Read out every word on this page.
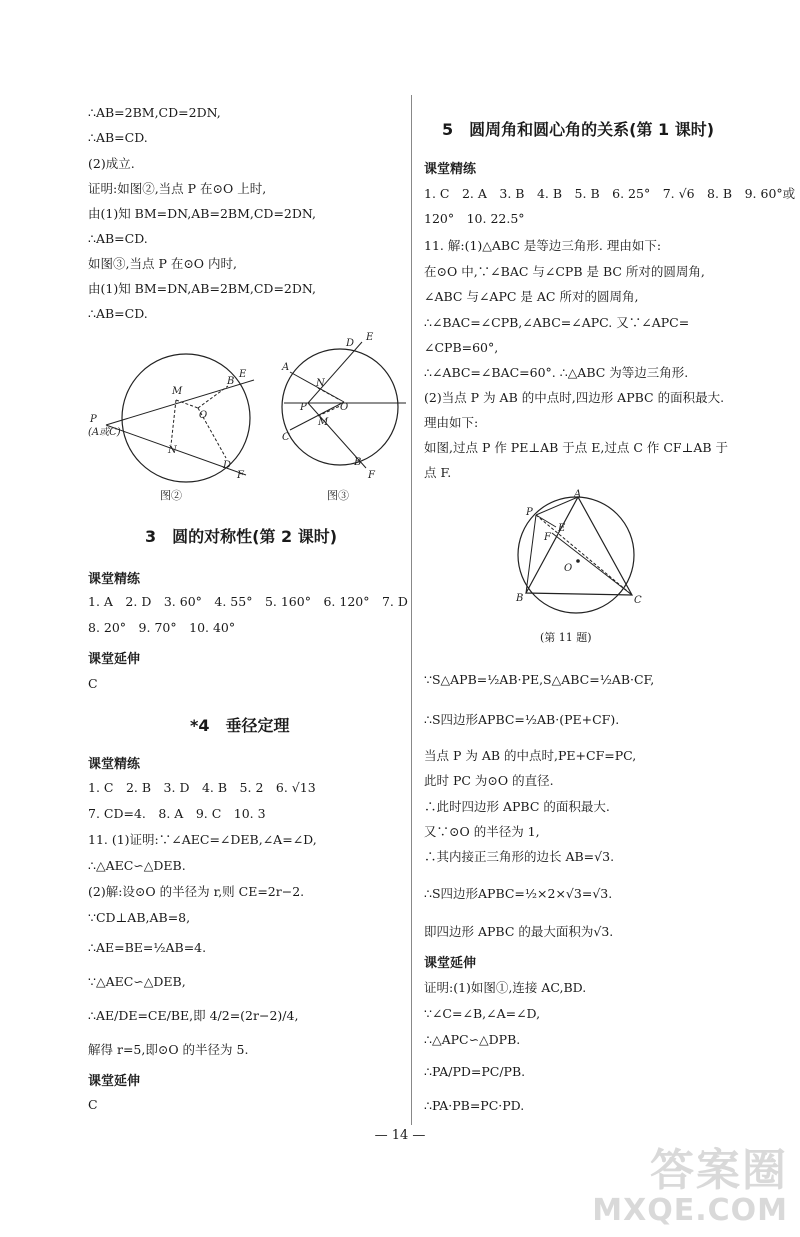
∴AB=2BM,CD=2DN,
∴AB=CD.
(2)成立.
证明:如图②,当点 P 在⊙O 上时,
由(1)知 BM=DN,AB=2BM,CD=2DN,
∴AB=CD.
如图③,当点 P 在⊙O 内时,
由(1)知 BM=DN,AB=2BM,CD=2DN,
∴AB=CD.
M
O
N
B
E
D
F
P
(A或C)
图②
A
N
P	O
M
C
D
E
B
F
图③
3　圆的对称性(第 2 课时)
课堂精练
1. A　2. D　3. 60°　4. 55°　5. 160°　6. 120°　7. D
8. 20°　9. 70°　10. 40°
课堂延伸
C
*4　垂径定理
课堂精练
1. C　2. B　3. D　4. B　5. 2　6. √13
7. CD=4.　8. A　9. C　10. 3
11. (1)证明:∵∠AEC=∠DEB,∠A=∠D,
∴△AEC∽△DEB.
(2)解:设⊙O 的半径为 r,则 CE=2r−2.
∵CD⊥AB,AB=8,
∴AE=BE=½AB=4.
∵△AEC∽△DEB,
∴AE/DE=CE/BE,即 4/2=(2r−2)/4,
解得 r=5,即⊙O 的半径为 5.
课堂延伸
C
5　圆周角和圆心角的关系(第 1 课时)
课堂精练
1. C　2. A　3. B　4. B　5. B　6. 25°　7. √6　8. B　9. 60°或
120°　10. 22.5°
11. 解:(1)△ABC 是等边三角形. 理由如下:
在⊙O 中,∵∠BAC 与∠CPB 是 BC 所对的圆周角,
∠ABC 与∠APC 是 AC 所对的圆周角,
∴∠BAC=∠CPB,∠ABC=∠APC. 又∵∠APC=
∠CPB=60°,
∴∠ABC=∠BAC=60°. ∴△ABC 为等边三角形.
(2)当点 P 为 AB 的中点时,四边形 APBC 的面积最大.
理由如下:
如图,过点 P 作 PE⊥AB 于点 E,过点 C 作 CF⊥AB 于
点 F.
A
P
E
F
O
B	C
(第 11 题)
∵S△APB=½AB·PE,S△ABC=½AB·CF,
∴S四边形APBC=½AB·(PE+CF).
当点 P 为 AB 的中点时,PE+CF=PC,
此时 PC 为⊙O 的直径.
∴此时四边形 APBC 的面积最大.
又∵⊙O 的半径为 1,
∴其内接正三角形的边长 AB=√3.
∴S四边形APBC=½×2×√3=√3.
即四边形 APBC 的最大面积为√3.
课堂延伸
证明:(1)如图①,连接 AC,BD.
∵∠C=∠B,∠A=∠D,
∴△APC∽△DPB.
∴PA/PD=PC/PB.
∴PA·PB=PC·PD.
— 14 —
答案圈
MXQE.COM
